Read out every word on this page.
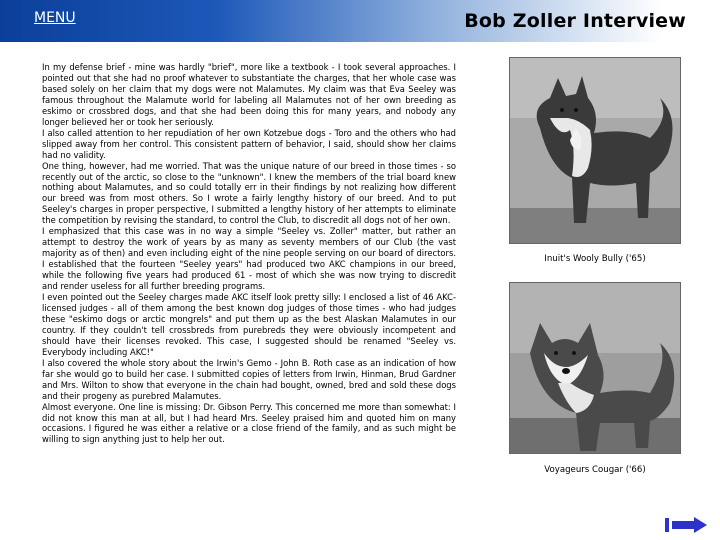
MENU	Bob Zoller Interview

In my defense brief - mine was hardly "brief", more like a textbook - I took several approaches. I pointed out that she had no proof whatever to substantiate the charges, that her whole case was based solely on her claim that my dogs were not Malamutes. My claim was that Eva Seeley was famous throughout the Malamute world for labeling all Malamutes not of her own breeding as eskimo or crossbred dogs, and that she had been doing this for many years, and nobody any longer believed her or took her seriously.

I also called attention to her repudiation of her own Kotzebue dogs - Toro and the others who had slipped away from her control. This consistent pattern of behavior, I said, should show her claims had no validity.

One thing, however, had me worried. That was the unique nature of our breed in those times - so recently out of the arctic, so close to the "unknown". I knew the members of the trial board knew nothing about Malamutes, and so could totally err in their findings by not realizing how different our breed was from most others. So I wrote a fairly lengthy history of our breed. And to put Seeley's charges in proper perspective, I submitted a lengthy history of her attempts to eliminate the competition by revising the standard, to control the Club, to discredit all dogs not of her own.

I emphasized that this case was in no way a simple "Seeley vs. Zoller" matter, but rather an attempt to destroy the work of years by as many as seventy members of our Club (the vast majority as of then) and even including eight of the nine people serving on our board of directors. I established that the fourteen "Seeley years" had produced two AKC champions in our breed, while the following five years had produced 61 - most of which she was now trying to discredit and render useless for all further breeding programs.

I even pointed out the Seeley charges made AKC itself look pretty silly: I enclosed a list of 46 AKC-licensed judges - all of them among the best known dog judges of those times - who had judges these "eskimo dogs or arctic mongrels" and put them up as the best Alaskan Malamutes in our country. If they couldn't tell crossbreds from purebreds they were obviously incompetent and should have their licenses revoked. This case, I suggested should be renamed "Seeley vs. Everybody including AKC!"

I also covered the whole story about the Irwin's Gemo - John B. Roth case as an indication of how far she would go to build her case. I submitted copies of letters from Irwin, Hinman, Brud Gardner and Mrs. Wilton to show that everyone in the chain had bought, owned, bred and sold these dogs and their progeny as purebred Malamutes.

Almost everyone. One line is missing: Dr. Gibson Perry. This concerned me more than somewhat: I did not know this man at all, but I had heard Mrs. Seeley praised him and quoted him on many occasions. I figured he was either a relative or a close friend of the family, and as such might be willing to sign anything just to help her out.

Inuit's Wooly Bully ('65)
Voyageurs Cougar ('66)
